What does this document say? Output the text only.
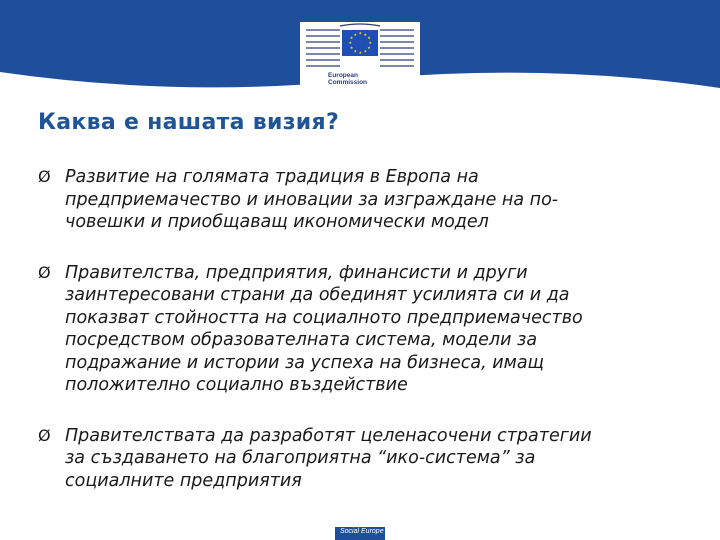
★ ★
★
★
★
★
★
★
★
★
★
★
European
Commission
Каква е нашата визия?
Ø Развитие на голямата традиция в Европа на
предприемачество и иновации за изграждане на по-
човешки и приобщаващ икономически модел
Ø Правителства, предприятия, финансисти и други
заинтересовани страни да обединят усилията си и да
показват стойността на социалното предприемачество
посредством образователната система, модели за
подражание и истории за успеха на бизнеса, имащ
положително социално въздействие
Ø Правителствата да разработят целенасочени стратегии
за създаването на благоприятна “ико-система” за
социалните предприятия
Social Europe
